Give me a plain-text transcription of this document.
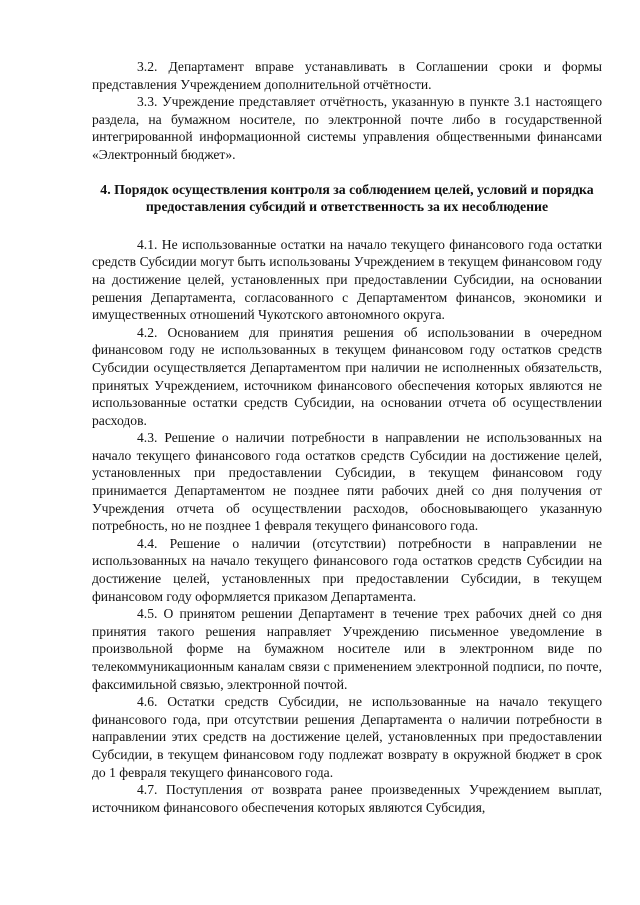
3.2. Департамент вправе устанавливать в Соглашении сроки и формы представления Учреждением дополнительной отчётности.

3.3. Учреждение представляет отчётность, указанную в пункте 3.1 настоящего раздела, на бумажном носителе, по электронной почте либо в государственной интегрированной информационной системы управления общественными финансами «Электронный бюджет».

4. Порядок осуществления контроля за соблюдением целей, условий и порядка предоставления субсидий и ответственность за их несоблюдение

4.1. Не использованные остатки на начало текущего финансового года остатки средств Субсидии могут быть использованы Учреждением в текущем финансовом году на достижение целей, установленных при предоставлении Субсидии, на основании решения Департамента, согласованного с Департаментом финансов, экономики и имущественных отношений Чукотского автономного округа.

4.2. Основанием для принятия решения об использовании в очередном финансовом году не использованных в текущем финансовом году остатков средств Субсидии осуществляется Департаментом при наличии не исполненных обязательств, принятых Учреждением, источником финансового обеспечения которых являются не использованные остатки средств Субсидии, на основании отчета об осуществлении расходов.

4.3. Решение о наличии потребности в направлении не использованных на начало текущего финансового года остатков средств Субсидии на достижение целей, установленных при предоставлении Субсидии, в текущем финансовом году принимается Департаментом не позднее пяти рабочих дней со дня получения от Учреждения отчета об осуществлении расходов, обосновывающего указанную потребность, но не позднее 1 февраля текущего финансового года.

4.4. Решение о наличии (отсутствии) потребности в направлении не использованных на начало текущего финансового года остатков средств Субсидии на достижение целей, установленных при предоставлении Субсидии, в текущем финансовом году оформляется приказом Департамента.

4.5. О принятом решении Департамент в течение трех рабочих дней со дня принятия такого решения направляет Учреждению письменное уведомление в произвольной форме на бумажном носителе или в электронном виде по телекоммуникационным каналам связи с применением электронной подписи, по почте, факсимильной связью, электронной почтой.

4.6. Остатки средств Субсидии, не использованные на начало текущего финансового года, при отсутствии решения Департамента о наличии потребности в направлении этих средств на достижение целей, установленных при предоставлении Субсидии, в текущем финансовом году подлежат возврату в окружной бюджет в срок до 1 февраля текущего финансового года.

4.7. Поступления от возврата ранее произведенных Учреждением выплат, источником финансового обеспечения которых являются Субсидия,
